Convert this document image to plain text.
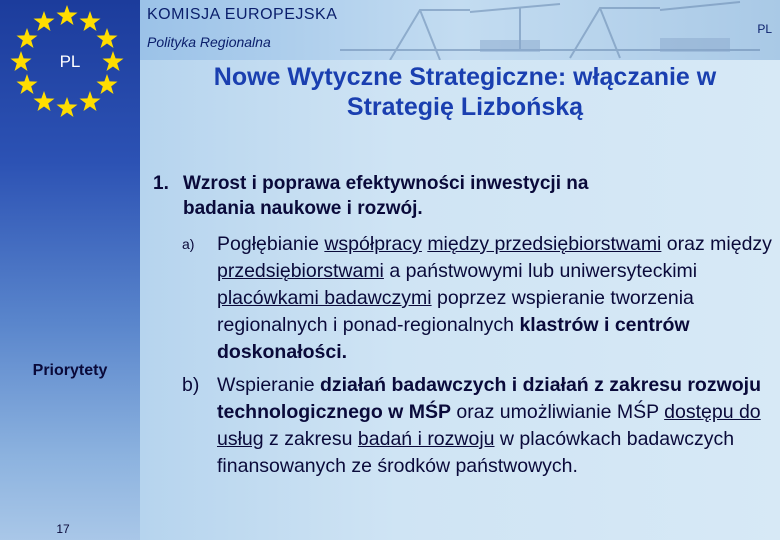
PL
KOMISJA EUROPEJSKA
Polityka Regionalna
PL
Nowe Wytyczne Strategiczne: włączanie w
Strategię Lizbońską
Priorytety
17
1. Wzrost i poprawa efektywności inwestycji na
badania naukowe i rozwój.
a) Pogłębianie współpracy między przedsiębiorstwami oraz między przedsiębiorstwami a państwowymi lub uniwersyteckimi placówkami badawczymi poprzez wspieranie tworzenia regionalnych i ponad-regionalnych klastrów i centrów doskonałości.
b) Wspieranie działań badawczych i działań z zakresu rozwoju technologicznego w MŚP oraz umożliwianie MŚP dostępu do usług z zakresu badań i rozwoju w placówkach badawczych finansowanych ze środków państwowych.
